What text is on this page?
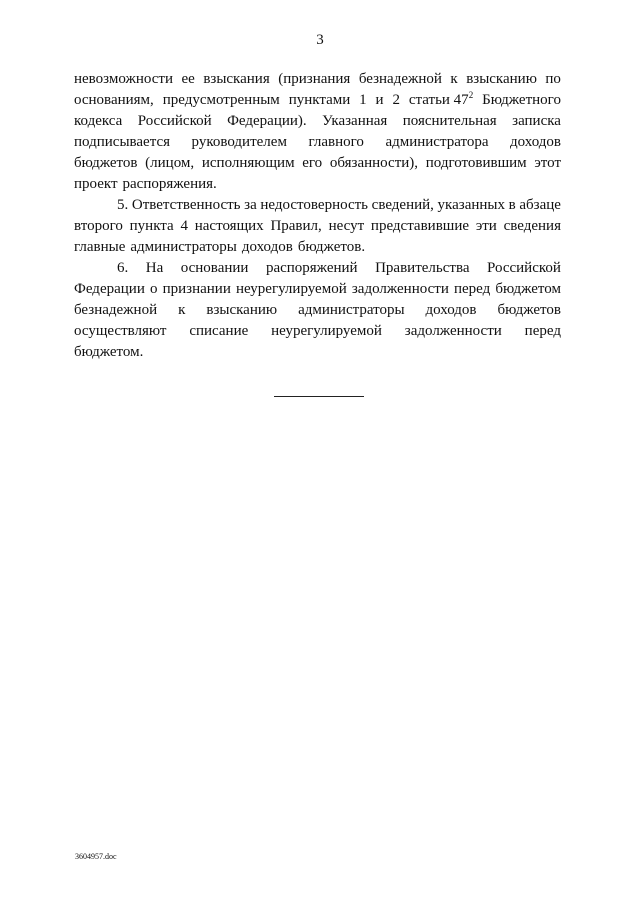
3
невозможности ее взыскания (признания безнадежной к взысканию по
основаниям, предусмотренным пунктами 1 и 2 статьи $47^2$ Бюджетного
кодекса Российской Федерации). Указанная пояснительная записка
подписывается руководителем главного администратора доходов
бюджетов (лицом, исполняющим его обязанности), подготовившим этот
проект распоряжения.
5. Ответственность за недостоверность сведений, указанных в абзаце
второго пункта 4 настоящих Правил, несут представившие эти сведения
главные администраторы доходов бюджетов.
6. На основании распоряжений Правительства Российской
Федерации о признании неурегулируемой задолженности перед бюджетом
безнадежной к взысканию администраторы доходов бюджетов
осуществляют списание неурегулируемой задолженности перед
бюджетом.
3604957.doc
